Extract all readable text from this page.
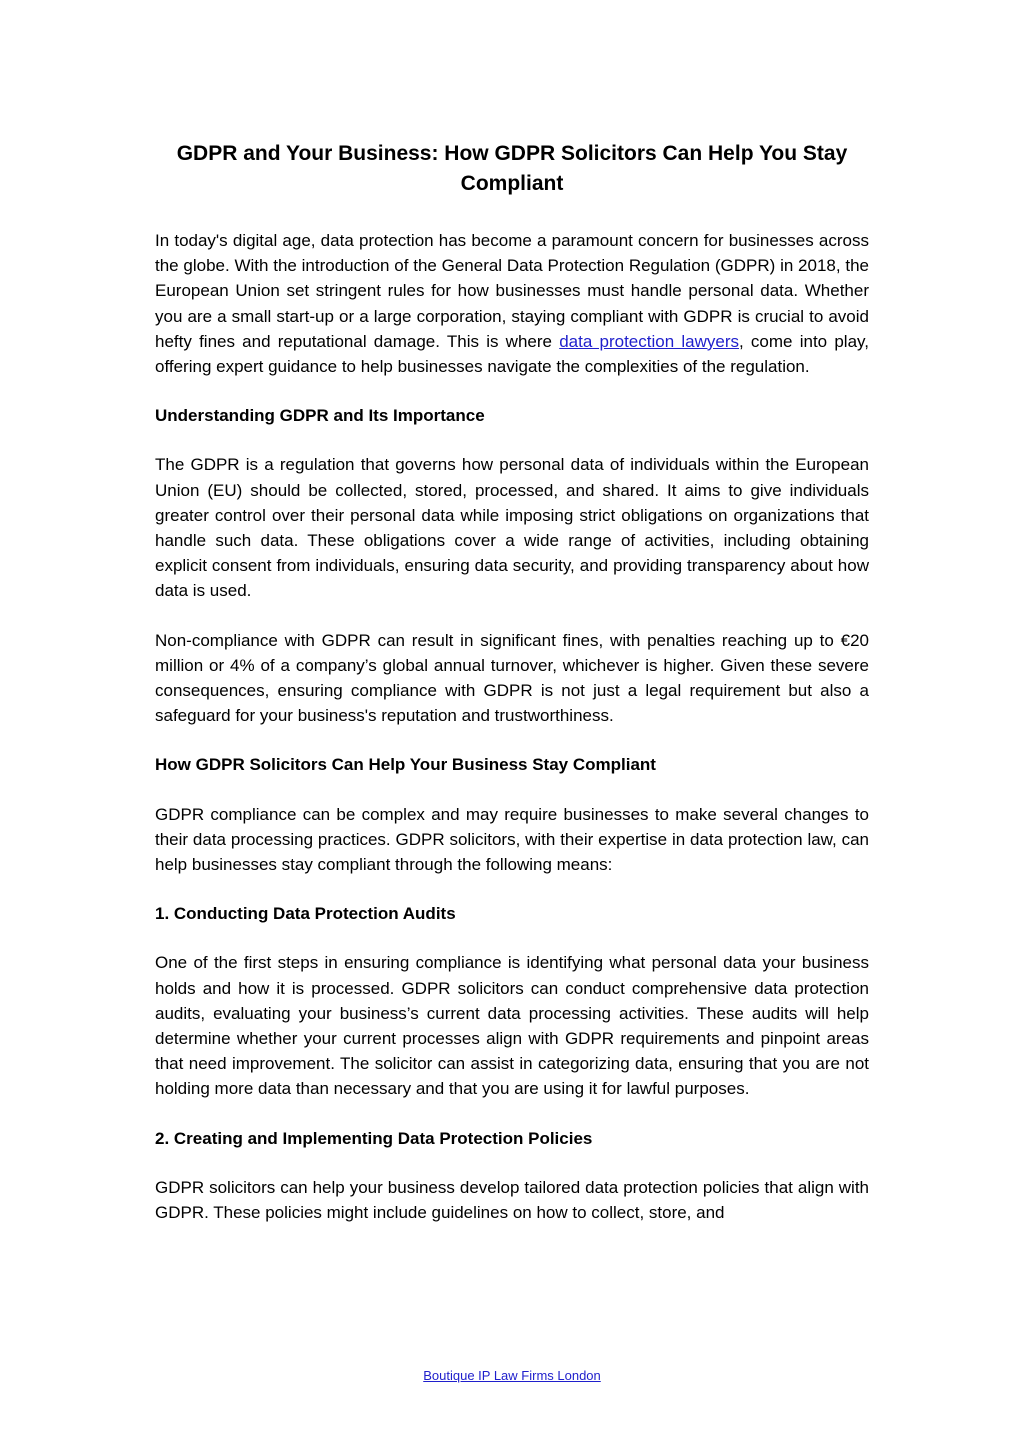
GDPR and Your Business: How GDPR Solicitors Can Help You Stay Compliant

In today's digital age, data protection has become a paramount concern for businesses across the globe. With the introduction of the General Data Protection Regulation (GDPR) in 2018, the European Union set stringent rules for how businesses must handle personal data. Whether you are a small start-up or a large corporation, staying compliant with GDPR is crucial to avoid hefty fines and reputational damage. This is where data protection lawyers, come into play, offering expert guidance to help businesses navigate the complexities of the regulation.

Understanding GDPR and Its Importance

The GDPR is a regulation that governs how personal data of individuals within the European Union (EU) should be collected, stored, processed, and shared. It aims to give individuals greater control over their personal data while imposing strict obligations on organizations that handle such data. These obligations cover a wide range of activities, including obtaining explicit consent from individuals, ensuring data security, and providing transparency about how data is used.

Non-compliance with GDPR can result in significant fines, with penalties reaching up to €20 million or 4% of a company’s global annual turnover, whichever is higher. Given these severe consequences, ensuring compliance with GDPR is not just a legal requirement but also a safeguard for your business's reputation and trustworthiness.

How GDPR Solicitors Can Help Your Business Stay Compliant

GDPR compliance can be complex and may require businesses to make several changes to their data processing practices. GDPR solicitors, with their expertise in data protection law, can help businesses stay compliant through the following means:

1. Conducting Data Protection Audits

One of the first steps in ensuring compliance is identifying what personal data your business holds and how it is processed. GDPR solicitors can conduct comprehensive data protection audits, evaluating your business’s current data processing activities. These audits will help determine whether your current processes align with GDPR requirements and pinpoint areas that need improvement. The solicitor can assist in categorizing data, ensuring that you are not holding more data than necessary and that you are using it for lawful purposes.

2. Creating and Implementing Data Protection Policies

GDPR solicitors can help your business develop tailored data protection policies that align with GDPR. These policies might include guidelines on how to collect, store, and

Boutique IP Law Firms London
